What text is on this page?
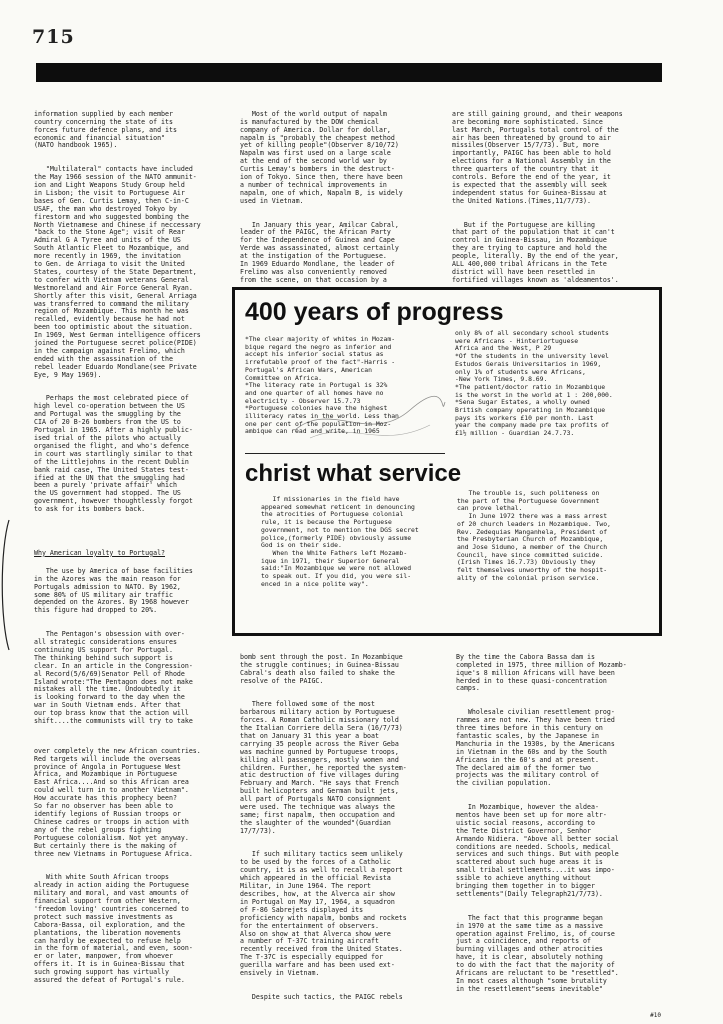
715

information supplied by each member
country concerning the state of its
forces future defence plans, and its
economic and financial situation"
(NATO handbook 1965).

"Multilateral" contacts have included
the May 1966 session of the NATO ammunit-
ion and Light Weapons Study Group held
in Lisbon; the visit to Portuguese Air
bases of Gen. Curtis Lemay, then C-in-C
USAF, the man who destroyed Tokyo by
firestorm and who suggested bombing the
North Vietnamese and Chinese if neccessary
"back to the Stone Age"; visit of Rear
Admiral G A Tyree and units of the US
South Atlantic Fleet to Mozambique, and
more recently in 1969, the invitation
to Gen. de Arriaga to visit the United
States, courtesy of the State Department,
to confer with Vietnam veterans General
Westmoreland and Air Force General Ryan.
Shortly after this visit, General Arriaga
was transferred to command the military
region of Mozambique. This month he was
recalled, evidently because he had not
been too optimistic about the situation.
In 1969, West German intelligence officers
joined the Portuguese secret police(PIDE)
in the campaign against Frelimo, which
ended with the assassination of the
rebel leader Eduardo Mondlane(see Private
Eye, 9 May 1969).

Perhaps the most celebrated piece of
high level co-operation between the US
and Portugal was the smuggling by the
CIA of 20 B-26 bombers from the US to
Portugal in 1965. After a highly public-
ised trial of the pilots who actually
organised the flight, and who's defence
in court was startlingly similar to that
of the Littlejohns in the recent Dublin
bank raid case, The United States test-
ified at the UN that the smuggling had
been a purely 'private affair' which
the US government had stopped. The US
government, however thoughtlessly forgot
to ask for its bombers back.

Why American loyalty to Portugal?

The use by America of base facilities
in the Azores was the main reason for
Portugals admission to NATO. By 1962,
some 80% of US military air traffic
depended on the Azores. By 1968 however
this figure had dropped to 20%.

The Pentagon's obsession with over-
all strategic considerations ensures
continuing US support for Portugal.
The thinking behind such support is
clear. In an article in the Congression-
al Record(5/6/69)Senator Pell of Rhode
Island wrote:"The Pentagon does not make
mistakes all the time. Undoubtedly it
is looking forward to the day when the
war in South Vietnam ends. After that
our top brass know that the action will
shift....the communists will try to take

over completely the new African countries.
Red targets will include the overseas
province of Angola in Portuguese West
Africa, and Mozambique in Portuguese
East Africa....And so this African area
could well turn in to another Vietnam".
How accurate has this prophecy been?
So far no observer has been able to
identify legions of Russian troops or
Chinese cadres or troops in action with
any of the rebel groups fighting
Portuguese colonialism. Not yet anyway.
But certainly there is the making of
three new Vietnams in Portuguese Africa.

With white South African troops
already in action aiding the Portuguese
military and moral, and vast amounts of
financial support from other Western,
'freedom loving' countries concerned to
protect such massive investments as
Cabora-Bassa, oil exploration, and the
plantations, the liberation movements
can hardly be expected to refuse help
in the form of material, and even, soon-
er or later, manpower, from whoever
offers it. It is in Guinea-Bissau that
such growing support has virtually
assured the defeat of Portugal's rule.

Most of the world output of napalm
is manufactured by the DOW chemical
company of America. Dollar for dollar,
napalm is "probably the cheapest method
yet of killing people"(Observer 8/10/72)
Napalm was first used on a large scale
at the end of the second world war by
Curtis Lemay's bombers in the destruct-
ion of Tokyo. Since then, there have been
a number of technical improvements in
napalm, one of which, Napalm B, is widely
used in Vietnam.

In January this year, Amilcar Cabral,
leader of the PAIGC, the African Party
for the Independence of Guinea and Cape
Verde was assassinated, almost certainly
at the instigation of the Portuguese.
In 1969 Eduardo Mondlane, the leader of
Frelimo was also conveniently removed
from the scene, on that occasion by a

are still gaining ground, and their weapons
are becoming more sophisticated. Since
last March, Portugals total control of the
air has been threatened by ground to air
missiles(Observer 15/7/73). But, more
importantly, PAIGC has been able to hold
elections for a National Assembly in the
three quarters of the country that it
controls. Before the end of the year, it
is expected that the assembly will seek
independent status for Guinea-Bissau at
the United Nations.(Times,11/7/73).

But if the Portuguese are killing
that part of the population that it can't
control in Guinea-Bissau, in Mozambique
they are trying to capture and hold the
people, literally. By the end of the year,
ALL 400,000 tribal Africans in the Tete
district will have been resettled in
fortified villages known as 'aldeamentos'.

400 years of progress
*The clear majority of whites in Mozam-
bique regard the negro as inferior and
accept his inferior social status as
irrefutable proof of the fact"-Harris -
Portugal's African Wars, American
Committee on Africa.
*The literacy rate in Portugal is 32%
and one quarter of all homes have no
electricity - Observer 15.7.73
*Portuguese colonies have the highest
illiteracy rates in the world. Less than
one per cent of the population in Moz-
ambique can read and write, in 1965
only 8% of all secondary school students
were Africans - Hinteriortuguese
Africa and the West, P 29
*Of the students in the university level
Estudos Gerais Universitarios in 1969,
only 1% of students were Africans,
-New York Times, 9.8.69.
*The patient/doctor ratio in Mozambique
is the worst in the world at 1 : 200,000.
*Sena Sugar Estates, a wholly owned
British company operating in Mozambique
pays its workers £10 per month. Last
year the company made pre tax profits of
£1½ million - Guardian 24.7.73.
christ what service
If missionaries in the field have
appeared somewhat reticent in denouncing
the atrocities of Portuguese colonial
rule, it is because the Portuguese
government, not to mention the DGS secret
police,(formerly PIDE) obviously assume
God is on their side.
When the White Fathers left Mozamb-
ique in 1971, their Superior General
said:"In Mozambique we were not allowed
to speak out. If you did, you were sil-
enced in a nice polite way".
The trouble is, such politeness on
the part of the Portuguese Government
can prove lethal.
In June 1972 there was a mass arrest
of 20 church leaders in Mozambique. Two,
Rev. Zedequias Manganhela, President of
the Presbyterian Church of Mozambique,
and Jose Sidumo, a member of the Church
Council, have since committed suicide.
(Irish Times 16.7.73) Obviously they
felt themselves unworthy of the hospit-
ality of the colonial prison service.

bomb sent through the post. In Mozambique
the struggle continues; in Guinea-Bissau
Cabral's death also failed to shake the
resolve of the PAIGC.

There followed some of the most
barbarous military action by Portuguese
forces. A Roman Catholic missionary told
the Italian Corriere della Sera (16/7/73)
that on January 31 this year a boat
carrying 35 people across the River Geba
was machine gunned by Portuguese troops,
killing all passengers, mostly women and
children. Further, he reported the system-
atic destruction of five villages during
February and March. "He says that French
built helicopters and German built jets,
all part of Portugals NATO consignment
were used. The technique was always the
same; first napalm, then occupation and
the slaughter of the wounded"(Guardian
17/7/73).

If such military tactics seem unlikely
to be used by the forces of a Catholic
country, it is as well to recall a report
which appeared in the official Revista
Militar, in June 1964. The report
describes, how, at the Alverca air show
in Portugal on May 17, 1964, a squadron
of F-86 Sabrejets displayed its
proficiency with napalm, bombs and rockets
for the entertainment of observers.
Also on show at that Alverca show were
a number of T-37C training aircraft
recently received from the United States.
The T-37C is especially equipped for
guerilla warfare and has been used ext-
ensively in Vietnam.

Despite such tactics, the PAIGC rebels

By the time the Cabora Bassa dam is
completed in 1975, three million of Mozamb-
ique's 8 million Africans will have been
herded in to these quasi-concentration
camps.

Wholesale civilian resettlement prog-
rammes are not new. They have been tried
three times before in this century on
fantastic scales, by the Japanese in
Manchuria in the 1930s, by the Americans
in Vietnam in the 60s and by the South
Africans in the 60's and at present.
The declared aim of the former two
projects was the military control of
the civilian population.

In Mozambique, however the aldea-
mentos have been set up for more altr-
uistic social reasons, according to
the Tete District Governor, Senhor
Armando Nidiera. "Above all better social
conditions are needed. Schools, medical
services and such things. But with people
scattered about such huge areas it is
small tribal settlements....it was impo-
ssible to achieve anything without
bringing them together in to bigger
settlements"(Daily Telegraph21/7/73).

The fact that this programme began
in 1970 at the same time as a massive
operation against Frelimo, is, of course
just a coincidence, and reports of
burning villages and other atrocities
have, it is clear, absolutely nothing
to do with the fact that the majority of
Africans are reluctant to be "resettled".
In most cases although "some brutality
in the resettlement"seems inevitable"

#10
